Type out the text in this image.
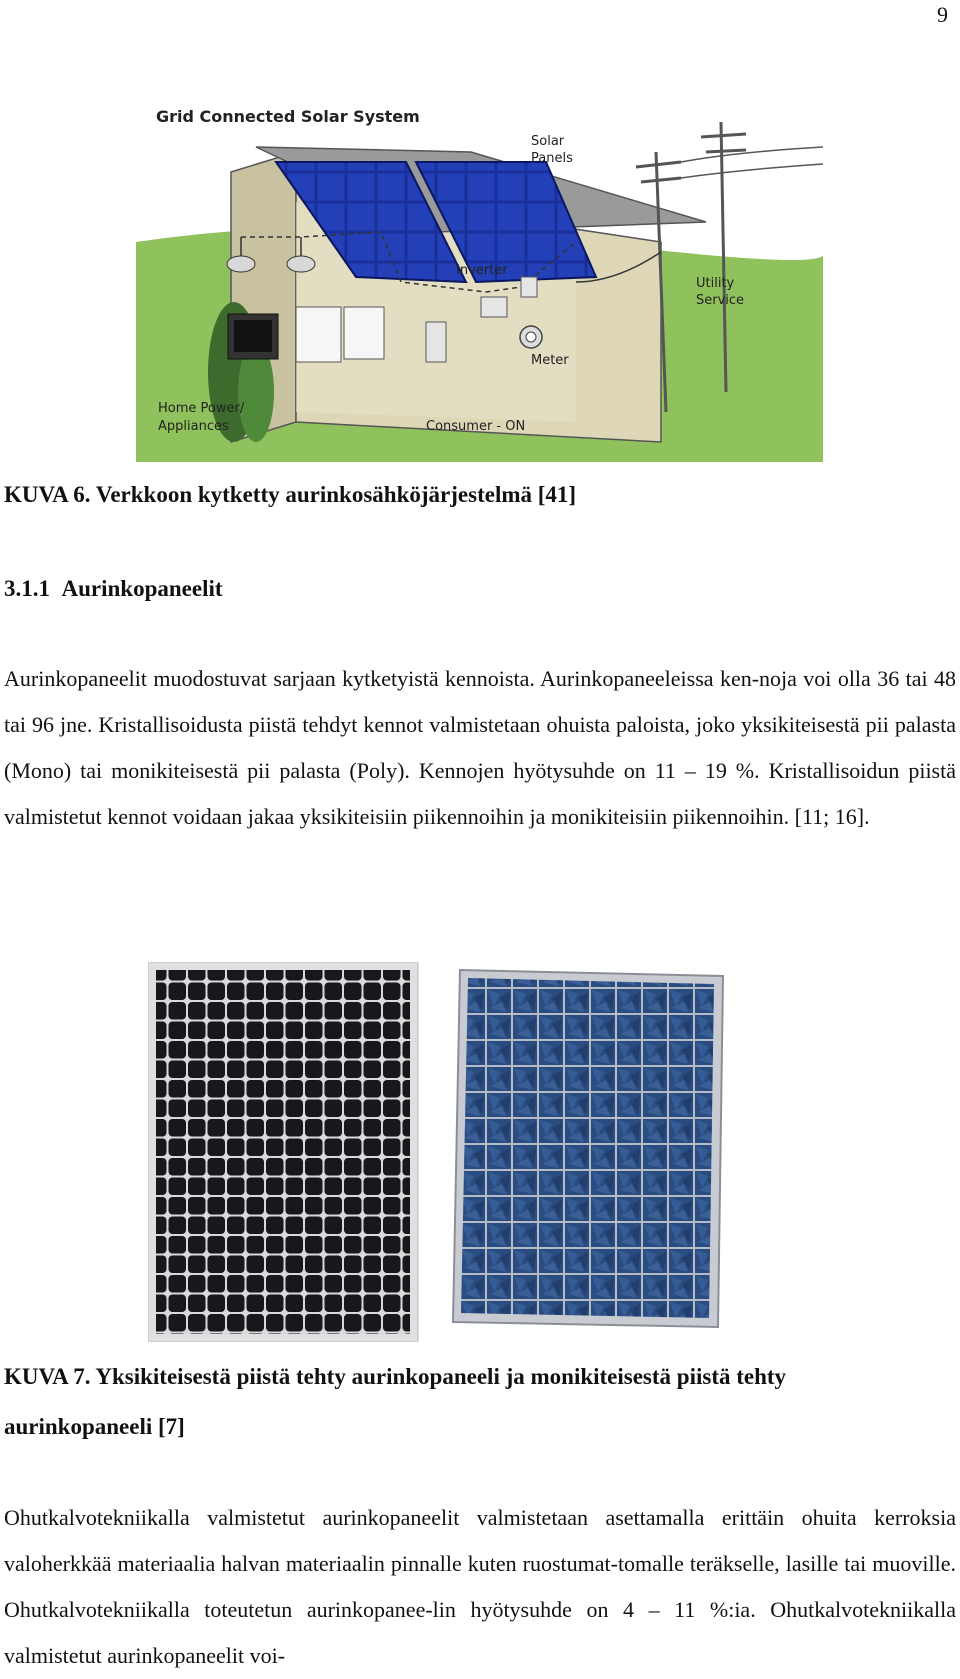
9
Grid Connected Solar System
Solar
Panels
Inverter
Utility
Service
Meter
Home Power/
Appliances	Consumer - ON
KUVA 6. Verkkoon kytketty aurinkosähköjärjestelmä [41]
3.1.1 Aurinkopaneelit

Aurinkopaneelit muodostuvat sarjaan kytketyistä kennoista. Aurinkopaneeleissa ken-noja voi olla 36 tai 48 tai 96 jne. Kristallisoidusta piistä tehdyt kennot valmistetaan ohuista paloista, joko yksikiteisestä pii palasta (Mono) tai monikiteisestä pii palasta (Poly). Kennojen hyötysuhde on 11 – 19 %. Kristallisoidun piistä valmistetut kennot voidaan jakaa yksikiteisiin piikennoihin ja monikiteisiin piikennoihin. [11; 16].

KUVA 7. Yksikiteisestä piistä tehty aurinkopaneeli ja monikiteisestä piistä tehty
aurinkopaneeli [7]

Ohutkalvotekniikalla valmistetut aurinkopaneelit valmistetaan asettamalla erittäin ohuita kerroksia valoherkkää materiaalia halvan materiaalin pinnalle kuten ruostumat-tomalle teräkselle, lasille tai muoville. Ohutkalvotekniikalla toteutetun aurinkopanee-lin hyötysuhde on 4 – 11 %:ia. Ohutkalvotekniikalla valmistetut aurinkopaneelit voi-
